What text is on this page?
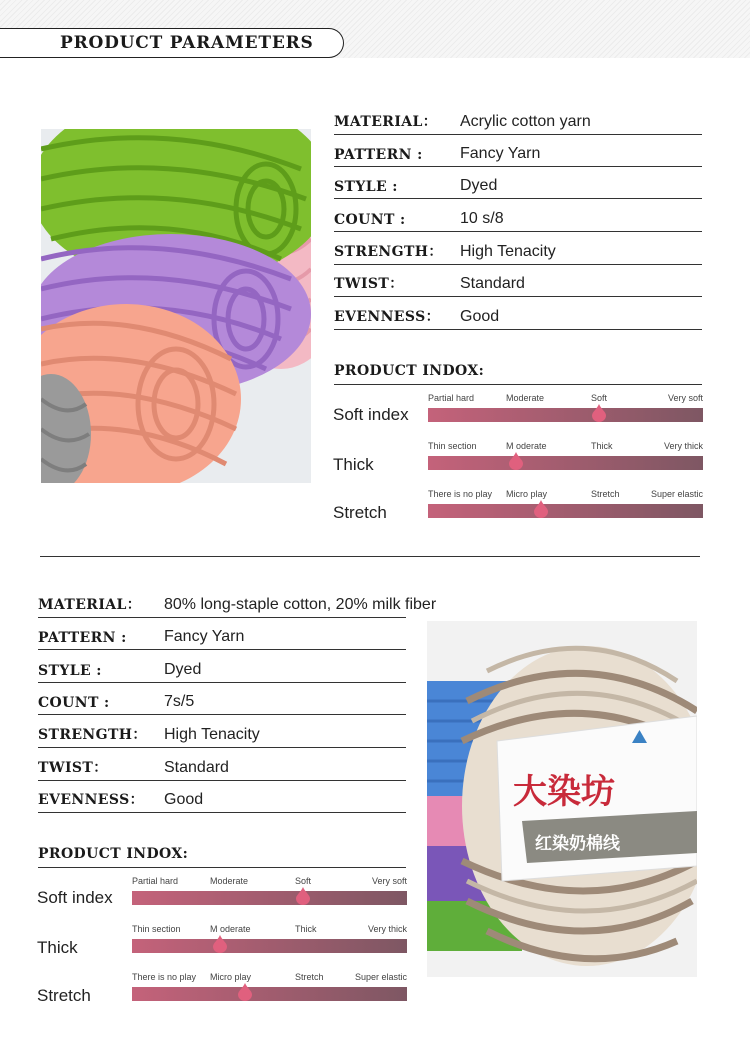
PRODUCT PARAMETERS
MATERIAL： Acrylic cotton yarn
PATTERN : Fancy Yarn
STYLE :	Dyed
COUNT :	10 s/8
STRENGTH： High Tenacity
TWIST：	Standard
EVENNESS： Good
PRODUCT INDOX:
Soft index
Partial hard	Moderate	Soft	Very soft
Thick
Thin section	M oderate	Thick	Very thick
Stretch
There is no play Micro play	Stretch	Super elastic
MATERIAL： 80% long-staple cotton, 20% milk fiber
PATTERN : Fancy Yarn
STYLE :	Dyed
COUNT :	7s/5
STRENGTH： High Tenacity
TWIST：	Standard
EVENNESS： Good
PRODUCT INDOX:
Soft index
Partial hard	Moderate	Soft	Very soft
Thick
Thin section	M oderate	Thick	Very thick
Stretch
There is no play Micro play	Stretch	Super elastic
大染坊
红染奶棉线
